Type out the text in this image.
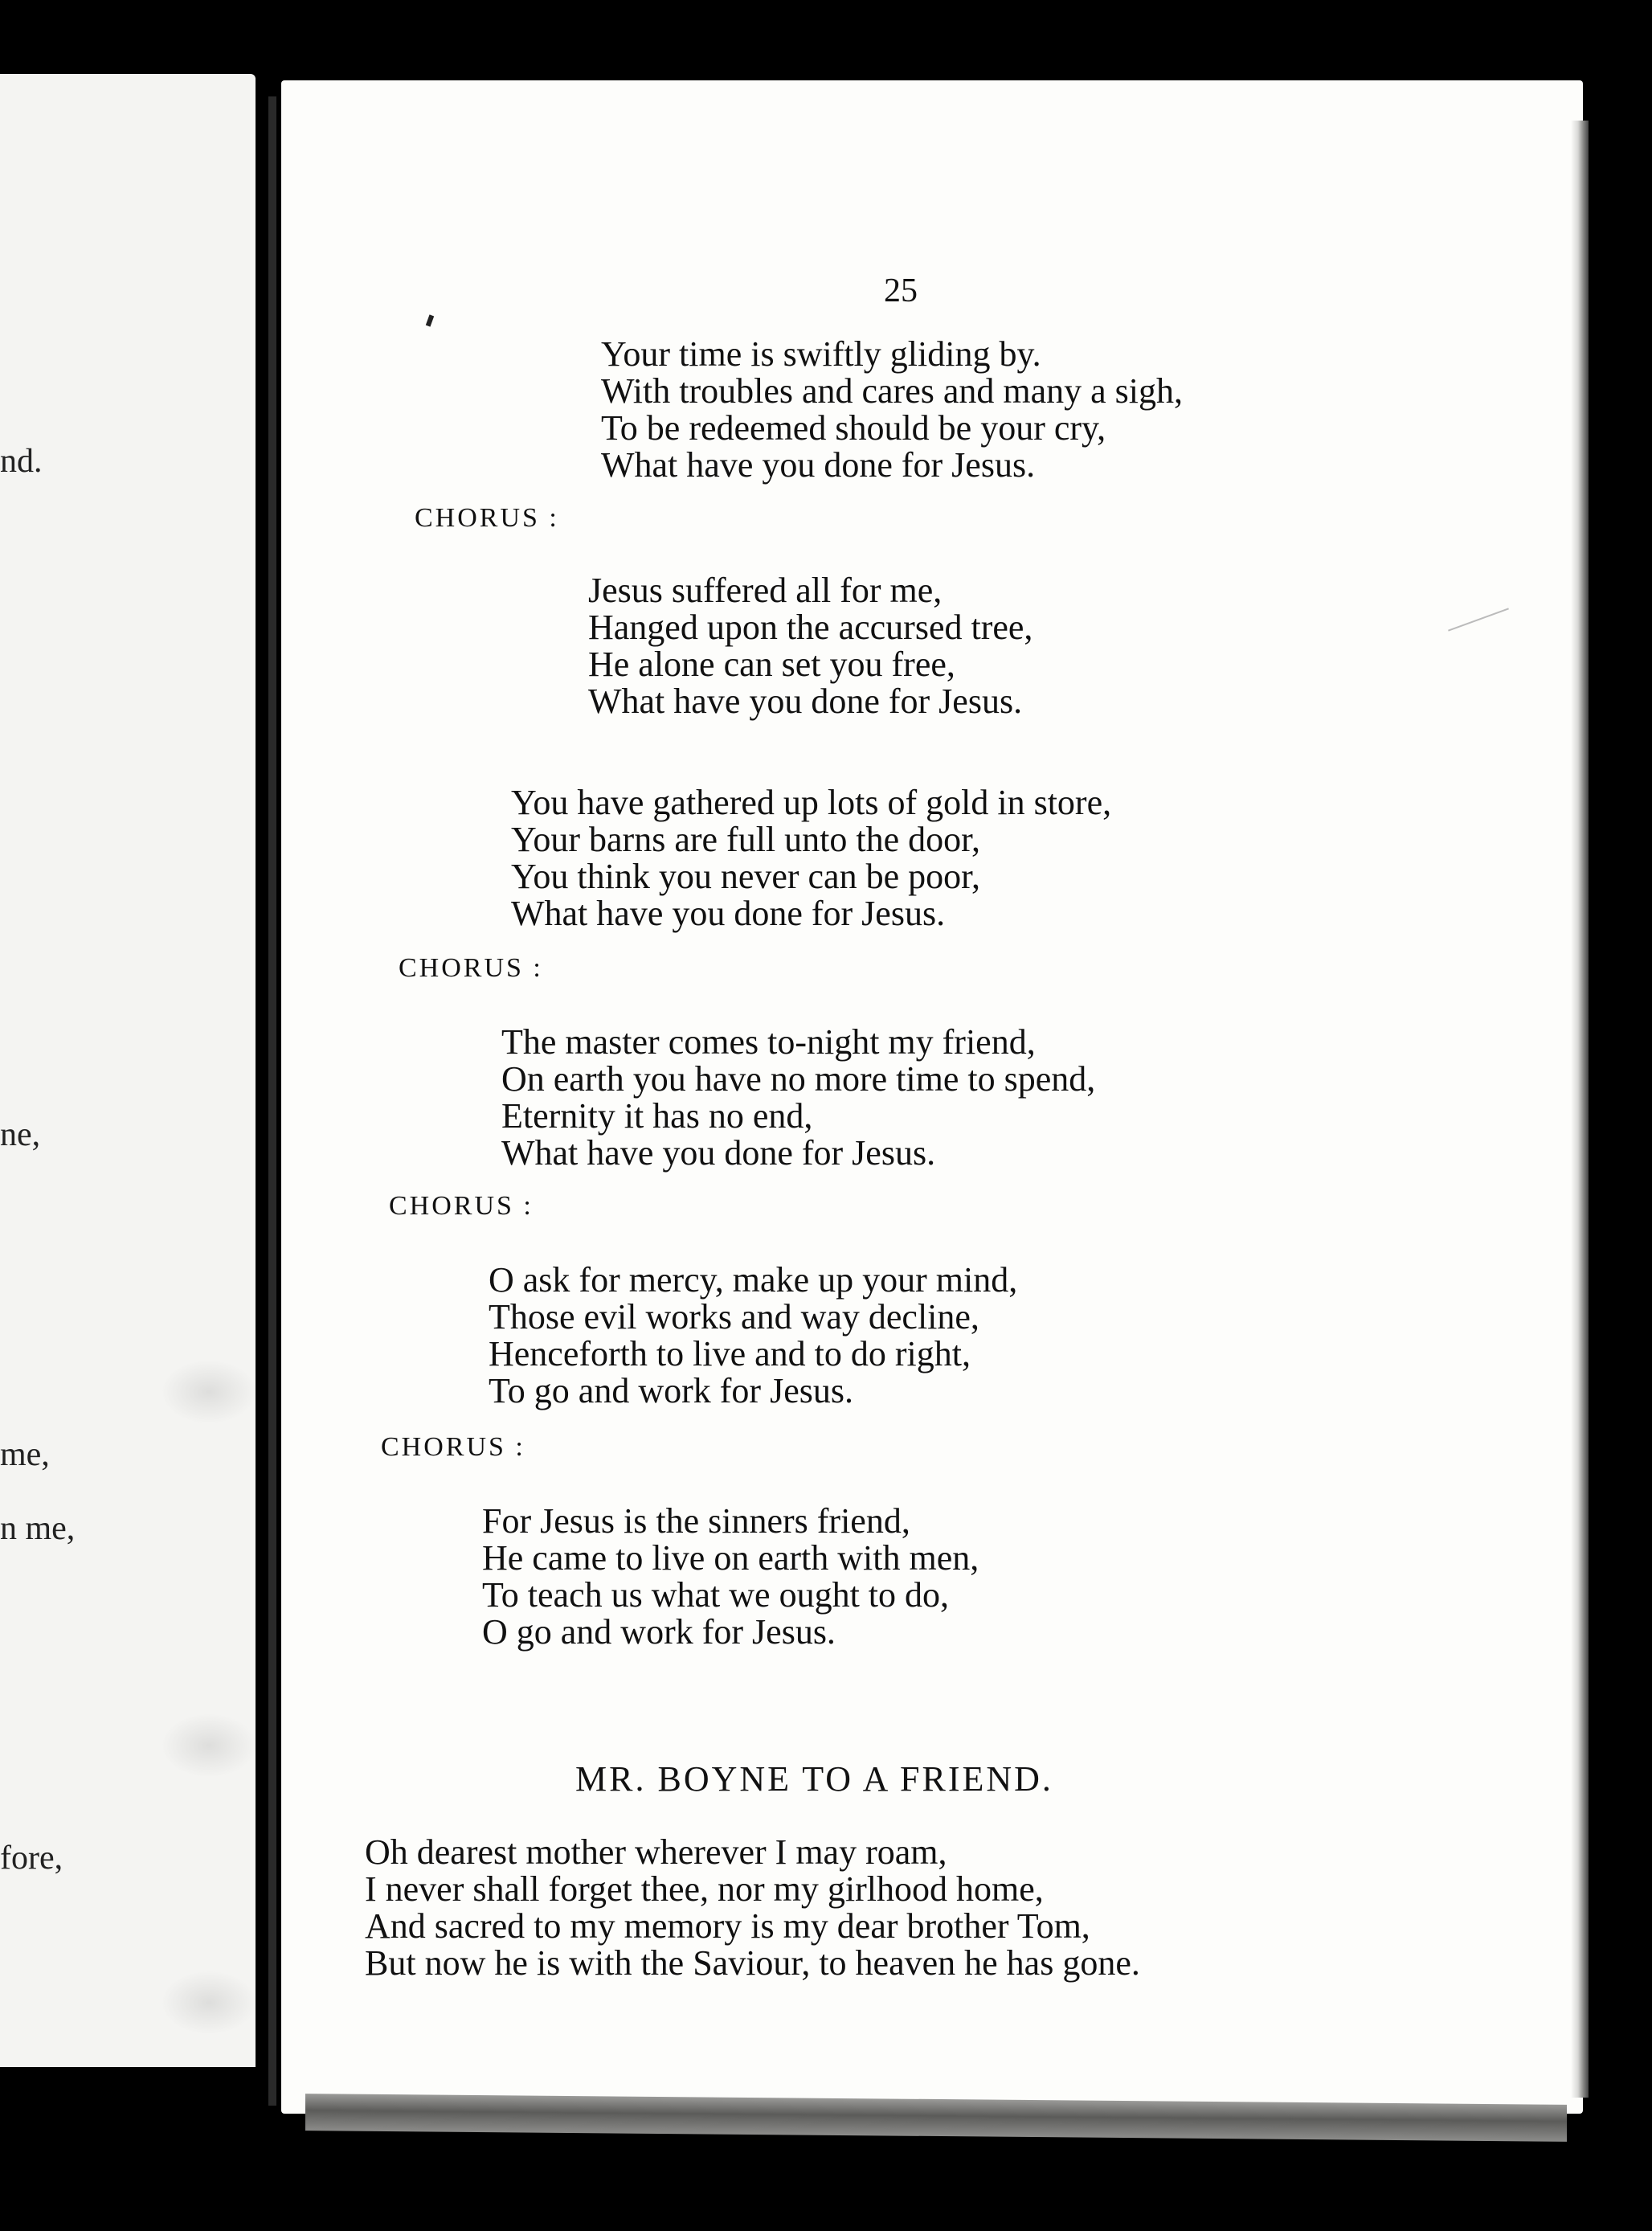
nd.
ne,
me,
n me,
fore,
25
Your time is swiftly gliding by.
With troubles and cares and many a sigh,
To be redeemed should be your cry,
What have you done for Jesus.
CHORUS :
Jesus suffered all for me,
Hanged upon the accursed tree,
He alone can set you free,
What have you done for Jesus.
You have gathered up lots of gold in store,
Your barns are full unto the door,
You think you never can be poor,
What have you done for Jesus.
CHORUS :
The master comes to-night my friend,
On earth you have no more time to spend,
Eternity it has no end,
What have you done for Jesus.
CHORUS :
O ask for mercy, make up your mind,
Those evil works and way decline,
Henceforth to live and to do right,
To go and work for Jesus.
CHORUS :
For Jesus is the sinners friend,
He came to live on earth with men,
To teach us what we ought to do,
O go and work for Jesus.
MR. BOYNE TO A FRIEND.
Oh dearest mother wherever I may roam,
I never shall forget thee, nor my girlhood home,
And sacred to my memory is my dear brother Tom,
But now he is with the Saviour, to heaven he has gone.
